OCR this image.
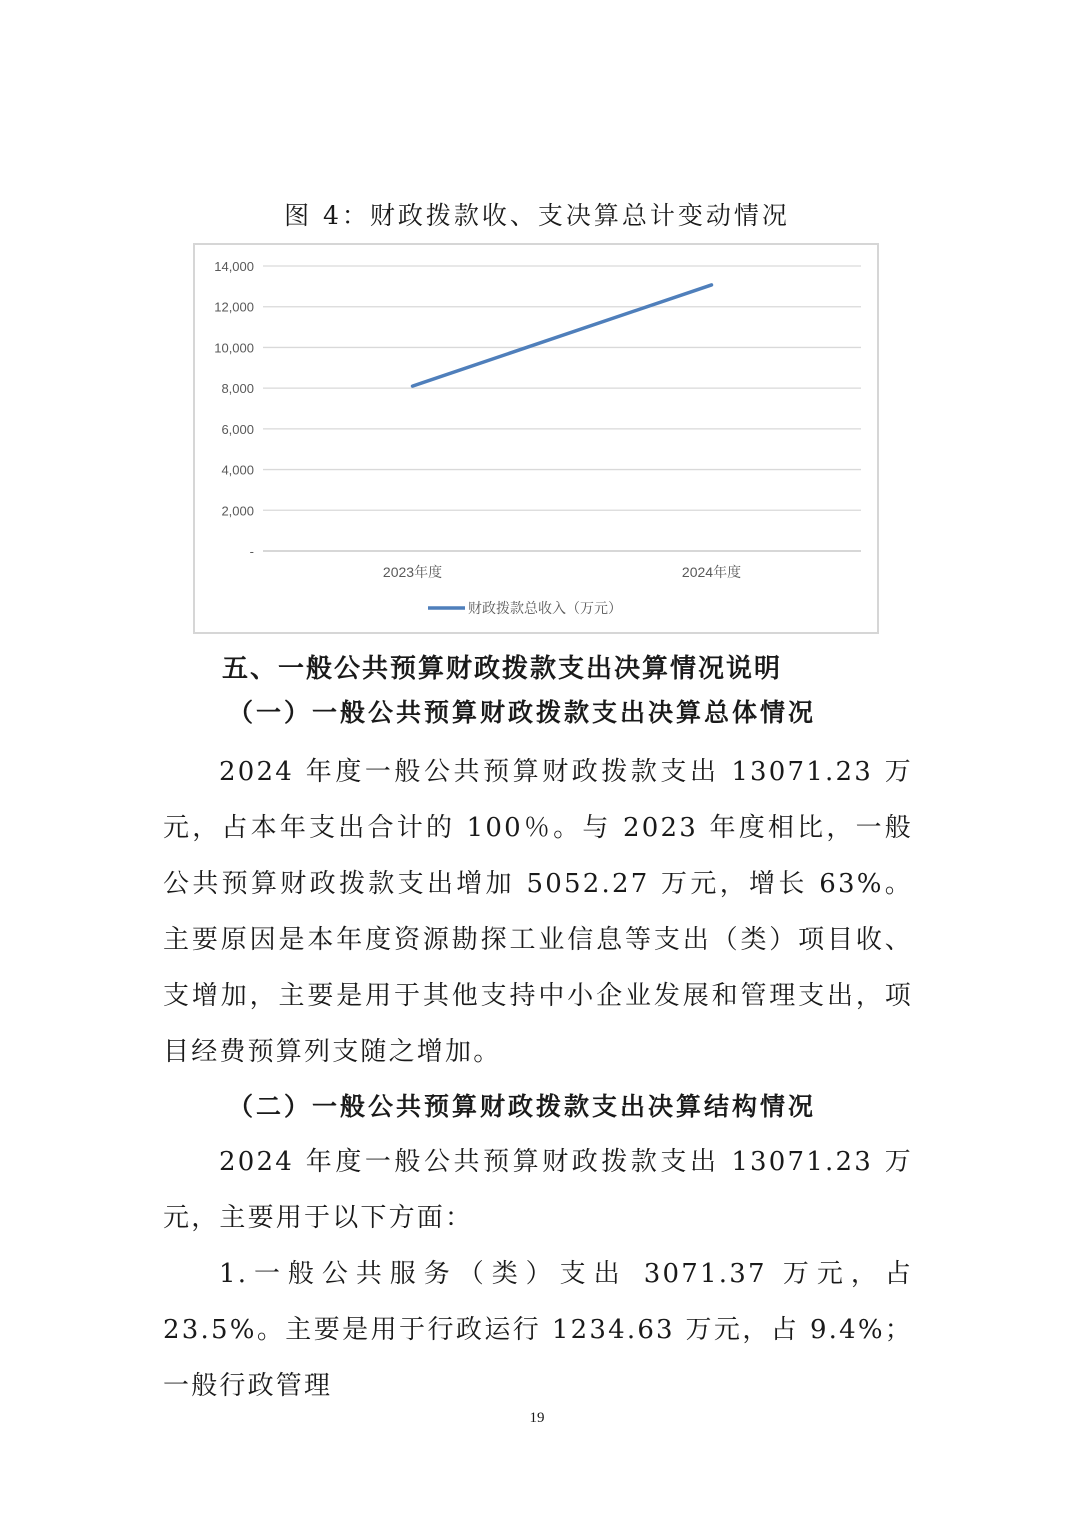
图 4：财政拨款收、支决算总计变动情况
-
2,000
4,000
6,000
8,000
10,000
12,000
14,000
2023年度	2024年度
财政拨款总收入（万元）
五、一般公共预算财政拨款支出决算情况说明
（一）一般公共预算财政拨款支出决算总体情况
2024 年度一般公共预算财政拨款支出 13071.23 万元，占本年支出合计的 100％。与 2023 年度相比，一般公共预算财政拨款支出增加 5052.27 万元，增长 63%。主要原因是本年度资源勘探工业信息等支出（类）项目收、支增加，主要是用于其他支持中小企业发展和管理支出，项目经费预算列支随之增加。
（二）一般公共预算财政拨款支出决算结构情况
2024 年度一般公共预算财政拨款支出 13071.23 万元，主要用于以下方面：
1.一般公共服务（类）支出 3071.37 万元，占 23.5%。主要是用于行政运行 1234.63 万元，占 9.4%；一般行政管理
19
